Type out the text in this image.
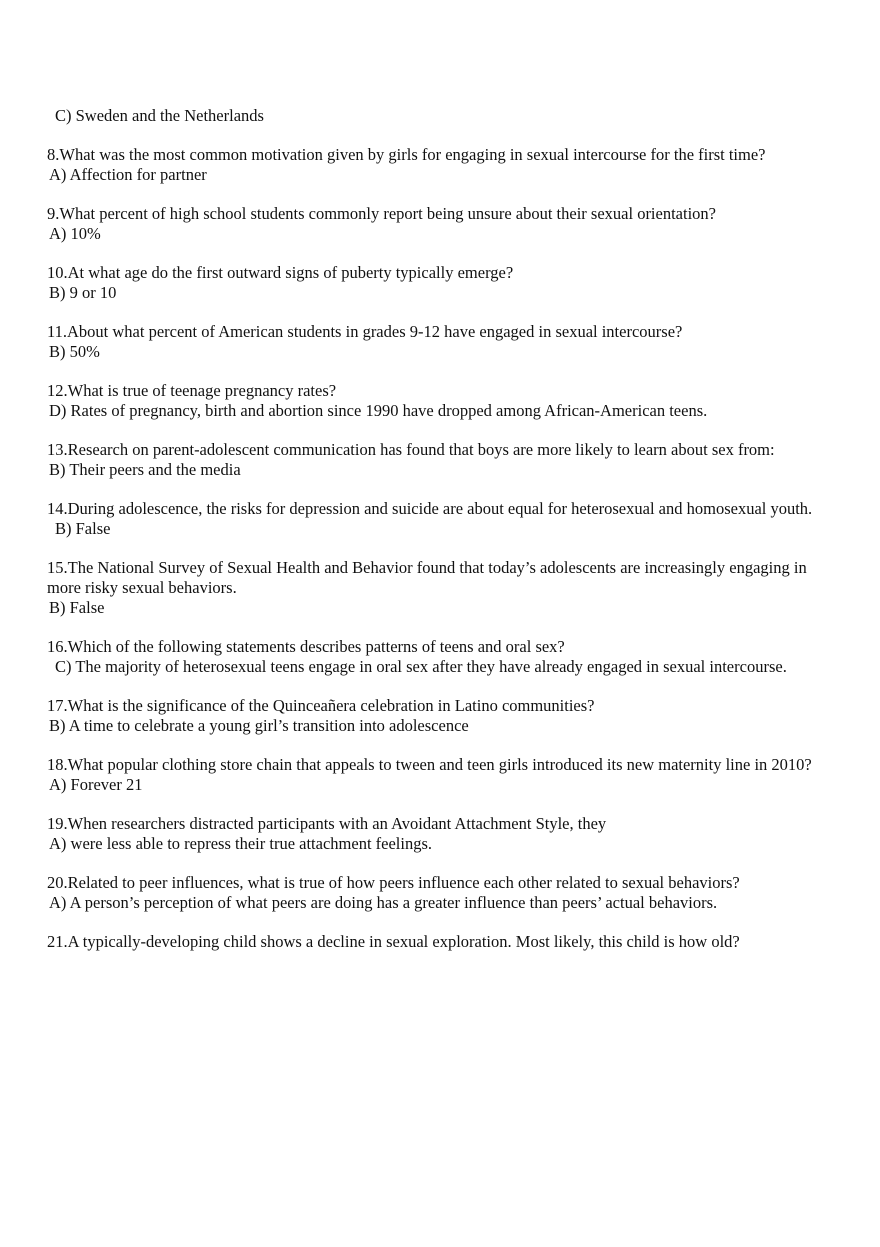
C) Sweden and the Netherlands
8.What was the most common motivation given by girls for engaging in sexual intercourse for the first time?
A) Affection for partner
9.What percent of high school students commonly report being unsure about their sexual orientation?
A) 10%
10.At what age do the first outward signs of puberty typically emerge?
B) 9 or 10
11.About what percent of American students in grades 9-12 have engaged in sexual intercourse?
B) 50%
12.What is true of teenage pregnancy rates?
D) Rates of pregnancy, birth and abortion since 1990 have dropped among African-American teens.
13.Research on parent-adolescent communication has found that boys are more likely to learn about sex from:
B) Their peers and the media
14.During adolescence, the risks for depression and suicide are about equal for heterosexual and homosexual youth.
B) False
15.The National Survey of Sexual Health and Behavior found that today’s adolescents are increasingly engaging in more risky sexual behaviors.
B) False
16.Which of the following statements describes patterns of teens and oral sex?
C) The majority of heterosexual teens engage in oral sex after they have already engaged in sexual intercourse.
17.What is the significance of the Quinceañera celebration in Latino communities?
B) A time to celebrate a young girl’s transition into adolescence
18.What popular clothing store chain that appeals to tween and teen girls introduced its new maternity line in 2010?
A) Forever 21
19.When researchers distracted participants with an Avoidant Attachment Style, they
A) were less able to repress their true attachment feelings.
20.Related to peer influences, what is true of how peers influence each other related to sexual behaviors?
A) A person’s perception of what peers are doing has a greater influence than peers’ actual behaviors.
21.A typically-developing child shows a decline in sexual exploration. Most likely, this child is how old?
